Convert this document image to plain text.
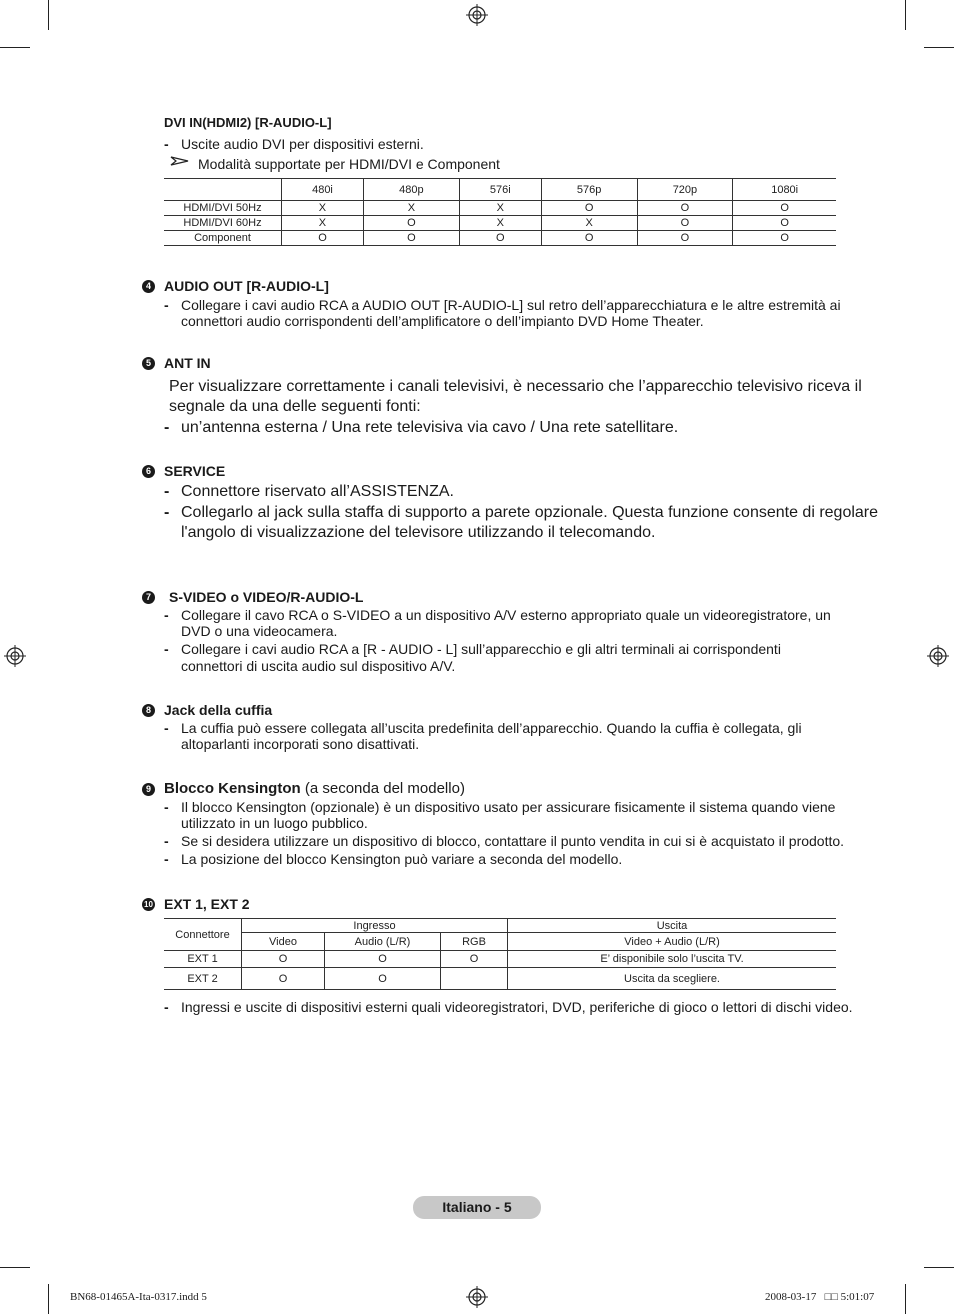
DVI IN(HDMI2) [R-AUDIO-L]
- Uscite audio DVI per dispositivi esterni.
Modalità supportate per HDMI/DVI e Component
	480i	480p	576i	576p	720p	1080i
HDMI/DVI 50Hz	X	X	X	O	O	O
HDMI/DVI 60Hz	X	O	X	X	O	O
Component	O	O	O	O	O	O
4 AUDIO OUT [R-AUDIO-L]
- Collegare i cavi audio RCA a AUDIO OUT [R-AUDIO-L] sul retro dell’apparecchiatura e le altre estremità ai
connettori audio corrispondenti dell’amplificatore o dell’impianto DVD Home Theater.
5 ANT IN
Per visualizzare correttamente i canali televisivi, è necessario che l’apparecchio televisivo riceva il
segnale da una delle seguenti fonti:
- un’antenna esterna / Una rete televisiva via cavo / Una rete satellitare.
6 SERVICE
- Connettore riservato all’ASSISTENZA.
- Collegarlo al jack sulla staffa di supporto a parete opzionale. Questa funzione consente di regolare
l'angolo di visualizzazione del televisore utilizzando il telecomando.
7 S-VIDEO o VIDEO/R-AUDIO-L
- Collegare il cavo RCA o S-VIDEO a un dispositivo A/V esterno appropriato quale un videoregistratore, un
DVD o una videocamera.
- Collegare i cavi audio RCA a [R - AUDIO - L] sull’apparecchio e gli altri terminali ai corrispondenti
connettori di uscita audio sul dispositivo A/V.
8 Jack della cuffia
- La cuffia può essere collegata all’uscita predefinita dell’apparecchio. Quando la cuffia è collegata, gli
altoparlanti incorporati sono disattivati.
9 Blocco Kensington (a seconda del modello)
- Il blocco Kensington (opzionale) è un dispositivo usato per assicurare fisicamente il sistema quando viene
utilizzato in un luogo pubblico.
- Se si desidera utilizzare un dispositivo di blocco, contattare il punto vendita in cui si è acquistato il prodotto.
- La posizione del blocco Kensington può variare a seconda del modello.
10 EXT 1, EXT 2
Connettore	Ingresso			Uscita
	Video	Audio (L/R)	RGB	Video + Audio (L/R)
EXT 1	O	O	O	E’ disponibile solo l’uscita TV.
EXT 2	O	O		Uscita da scegliere.
- Ingressi e uscite di dispositivi esterni quali videoregistratori, DVD, periferiche di gioco o lettori di dischi video.
Italiano - 5
BN68-01465A-Ita-0317.indd 5	2008-03-17   □□ 5:01:07
